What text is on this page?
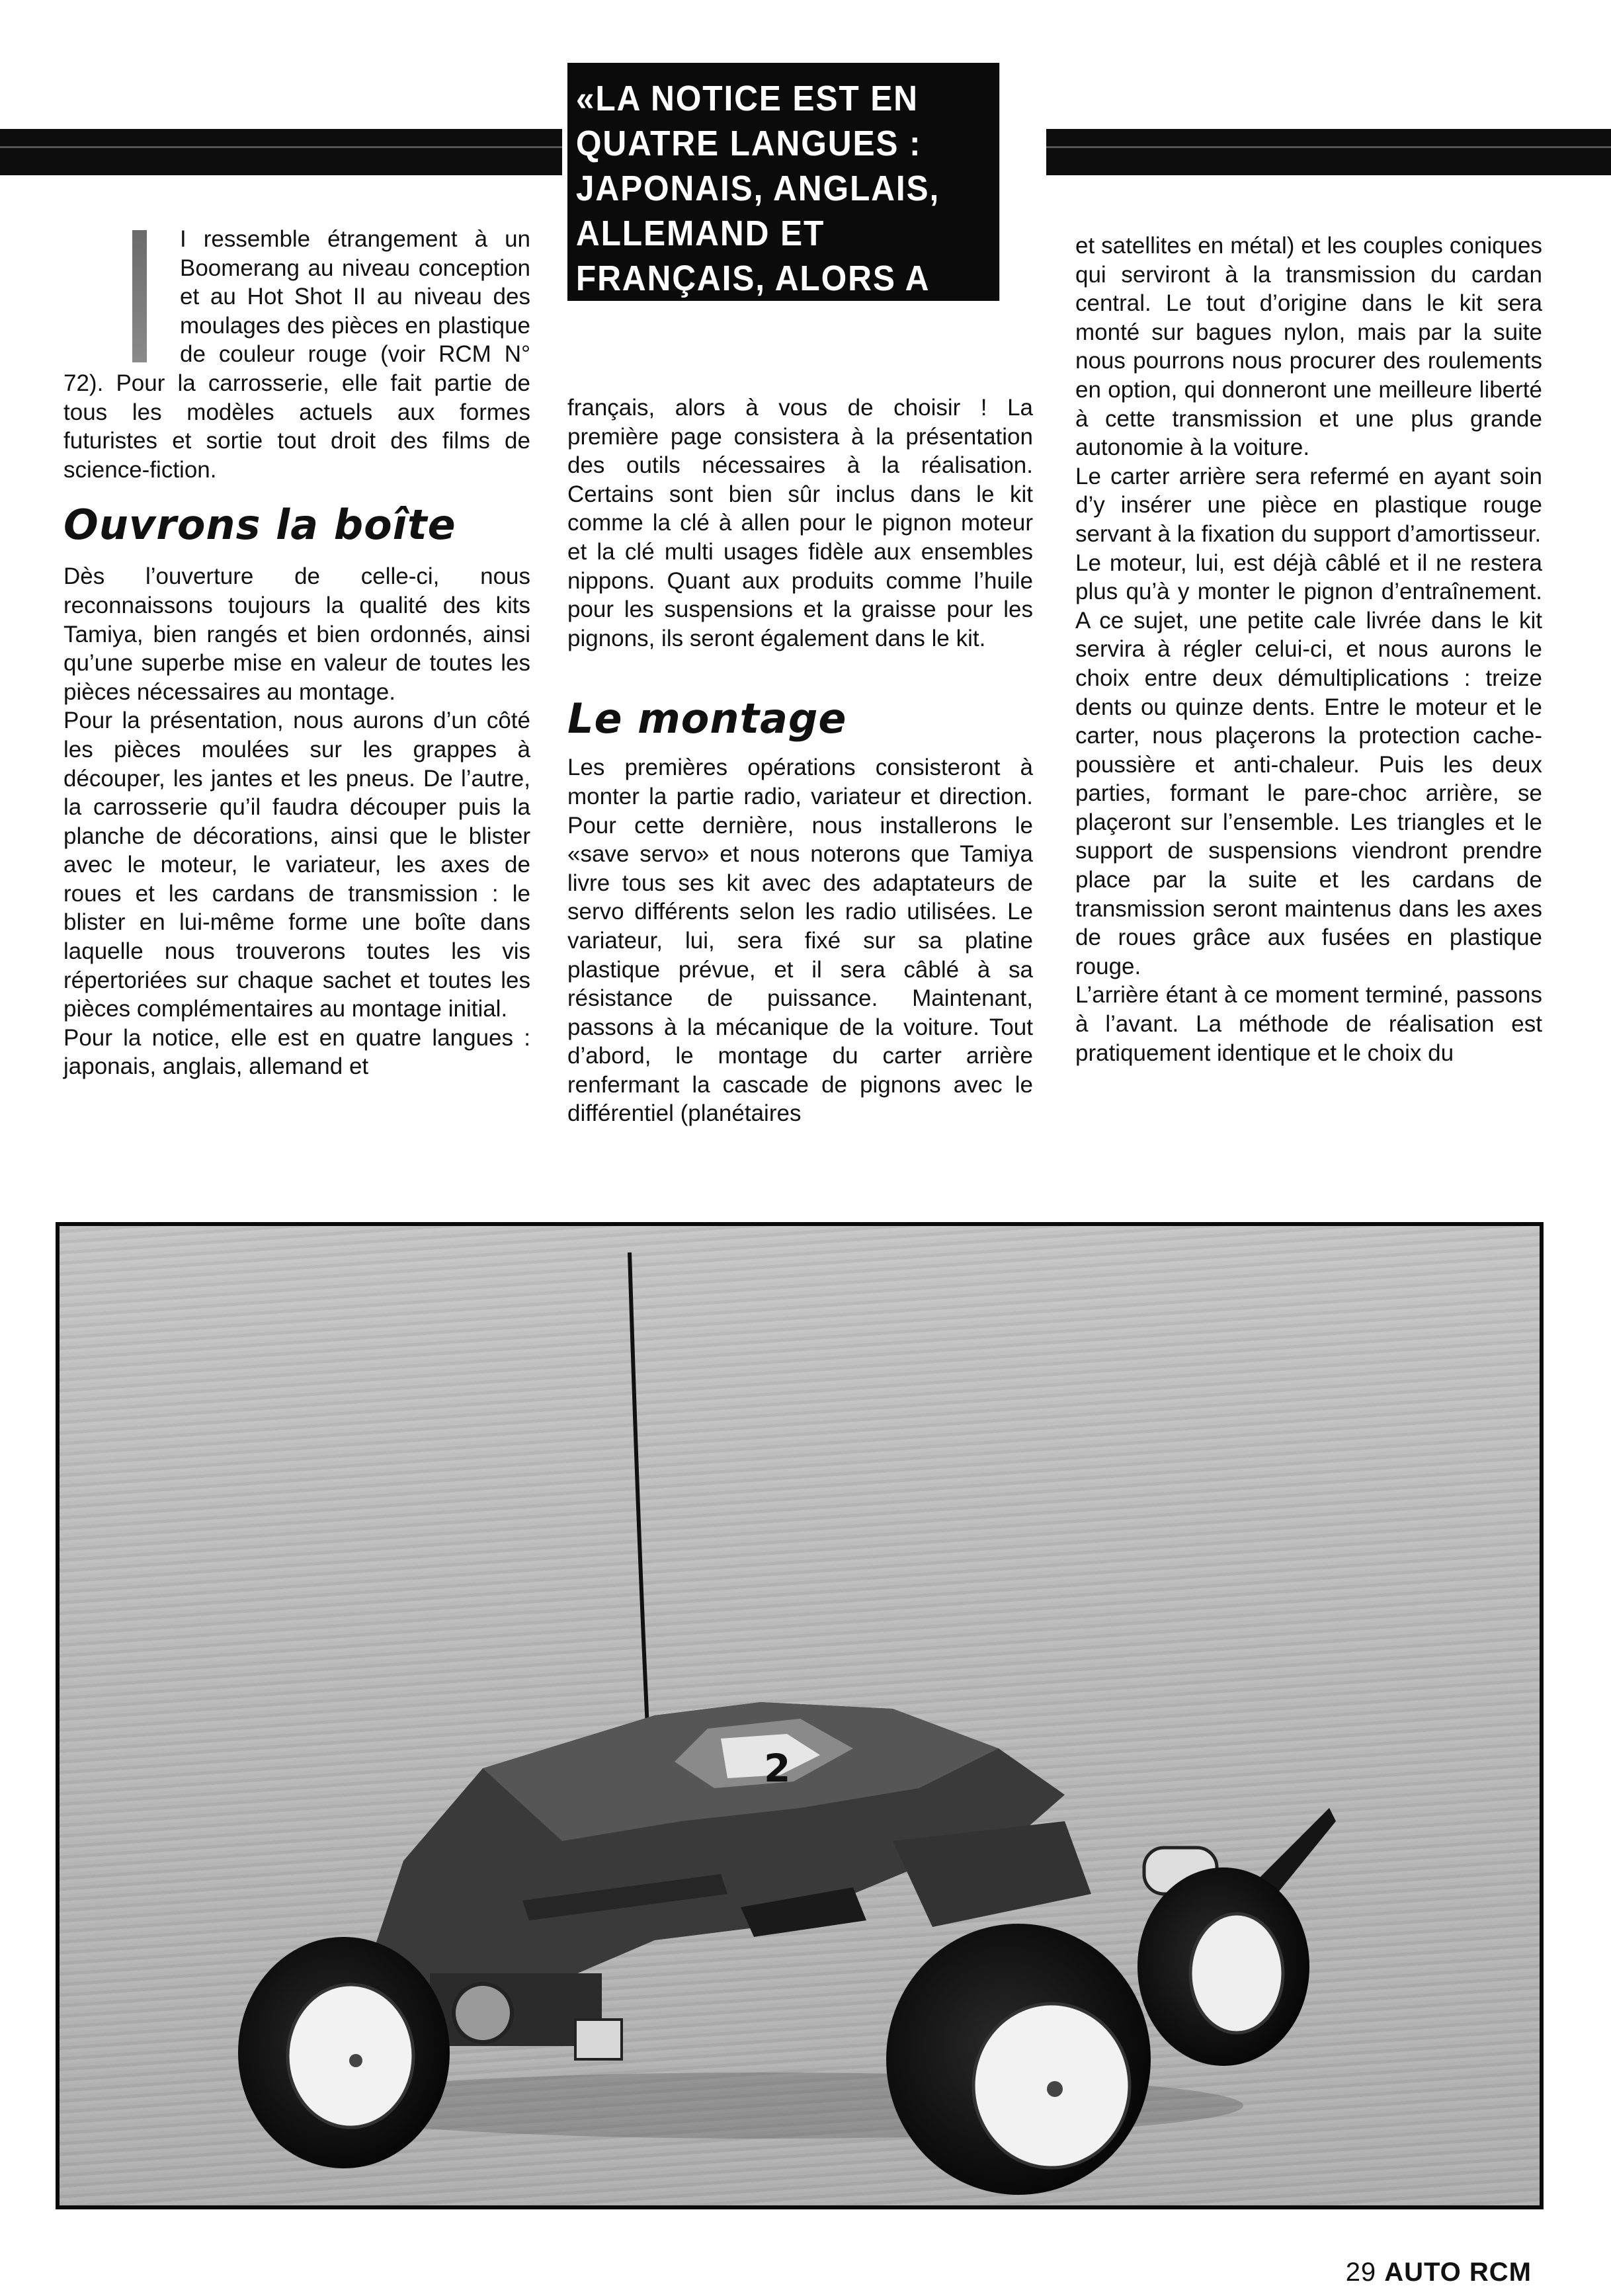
«LA NOTICE EST EN QUATRE LANGUES : JAPONAIS, ANGLAIS, ALLEMAND ET FRANÇAIS, ALORS A VOUS DE CHOISIR...»

I ressemble étrangement à un Boomerang au niveau conception et au Hot Shot II au niveau des moulages des pièces en plastique de couleur rouge (voir RCM N° 72). Pour la carrosserie, elle fait partie de tous les modèles actuels aux formes futuristes et sortie tout droit des films de science-fiction.

Ouvrons la boîte

Dès l’ouverture de celle-ci, nous reconnaissons toujours la qualité des kits Tamiya, bien rangés et bien ordonnés, ainsi qu’une superbe mise en valeur de toutes les pièces nécessaires au montage.

Pour la présentation, nous aurons d’un côté les pièces moulées sur les grappes à découper, les jantes et les pneus. De l’autre, la carrosserie qu’il faudra découper puis la planche de décorations, ainsi que le blister avec le moteur, le variateur, les axes de roues et les cardans de transmission : le blister en lui-même forme une boîte dans laquelle nous trouverons toutes les vis répertoriées sur chaque sachet et toutes les pièces complémentaires au montage initial.

Pour la notice, elle est en quatre langues : japonais, anglais, allemand et

français, alors à vous de choisir ! La première page consistera à la présentation des outils nécessaires à la réalisation. Certains sont bien sûr inclus dans le kit comme la clé à allen pour le pignon moteur et la clé multi usages fidèle aux ensembles nippons. Quant aux produits comme l’huile pour les suspensions et la graisse pour les pignons, ils seront également dans le kit.

Le montage

Les premières opérations consisteront à monter la partie radio, variateur et direction. Pour cette dernière, nous installerons le «save servo» et nous noterons que Tamiya livre tous ses kit avec des adaptateurs de servo différents selon les radio utilisées. Le variateur, lui, sera fixé sur sa platine plastique prévue, et il sera câblé à sa résistance de puissance. Maintenant, passons à la mécanique de la voiture. Tout d’abord, le montage du carter arrière renfermant la cascade de pignons avec le différentiel (planétaires

et satellites en métal) et les couples coniques qui serviront à la transmission du cardan central. Le tout d’origine dans le kit sera monté sur bagues nylon, mais par la suite nous pourrons nous procurer des roulements en option, qui donneront une meilleure liberté à cette transmission et une plus grande autonomie à la voiture.

Le carter arrière sera refermé en ayant soin d’y insérer une pièce en plastique rouge servant à la fixation du support d’amortisseur.

Le moteur, lui, est déjà câblé et il ne restera plus qu’à y monter le pignon d’entraînement. A ce sujet, une petite cale livrée dans le kit servira à régler celui-ci, et nous aurons le choix entre deux démultiplications : treize dents ou quinze dents. Entre le moteur et le carter, nous plaçerons la protection cache-poussière et anti-chaleur. Puis les deux parties, formant le pare-choc arrière, se plaçeront sur l’ensemble. Les triangles et le support de suspensions viendront prendre place par la suite et les cardans de transmission seront maintenus dans les axes de roues grâce aux fusées en plastique rouge.

L’arrière étant à ce moment terminé, passons à l’avant. La méthode de réalisation est pratiquement identique et le choix du

2
29 AUTO RCM
